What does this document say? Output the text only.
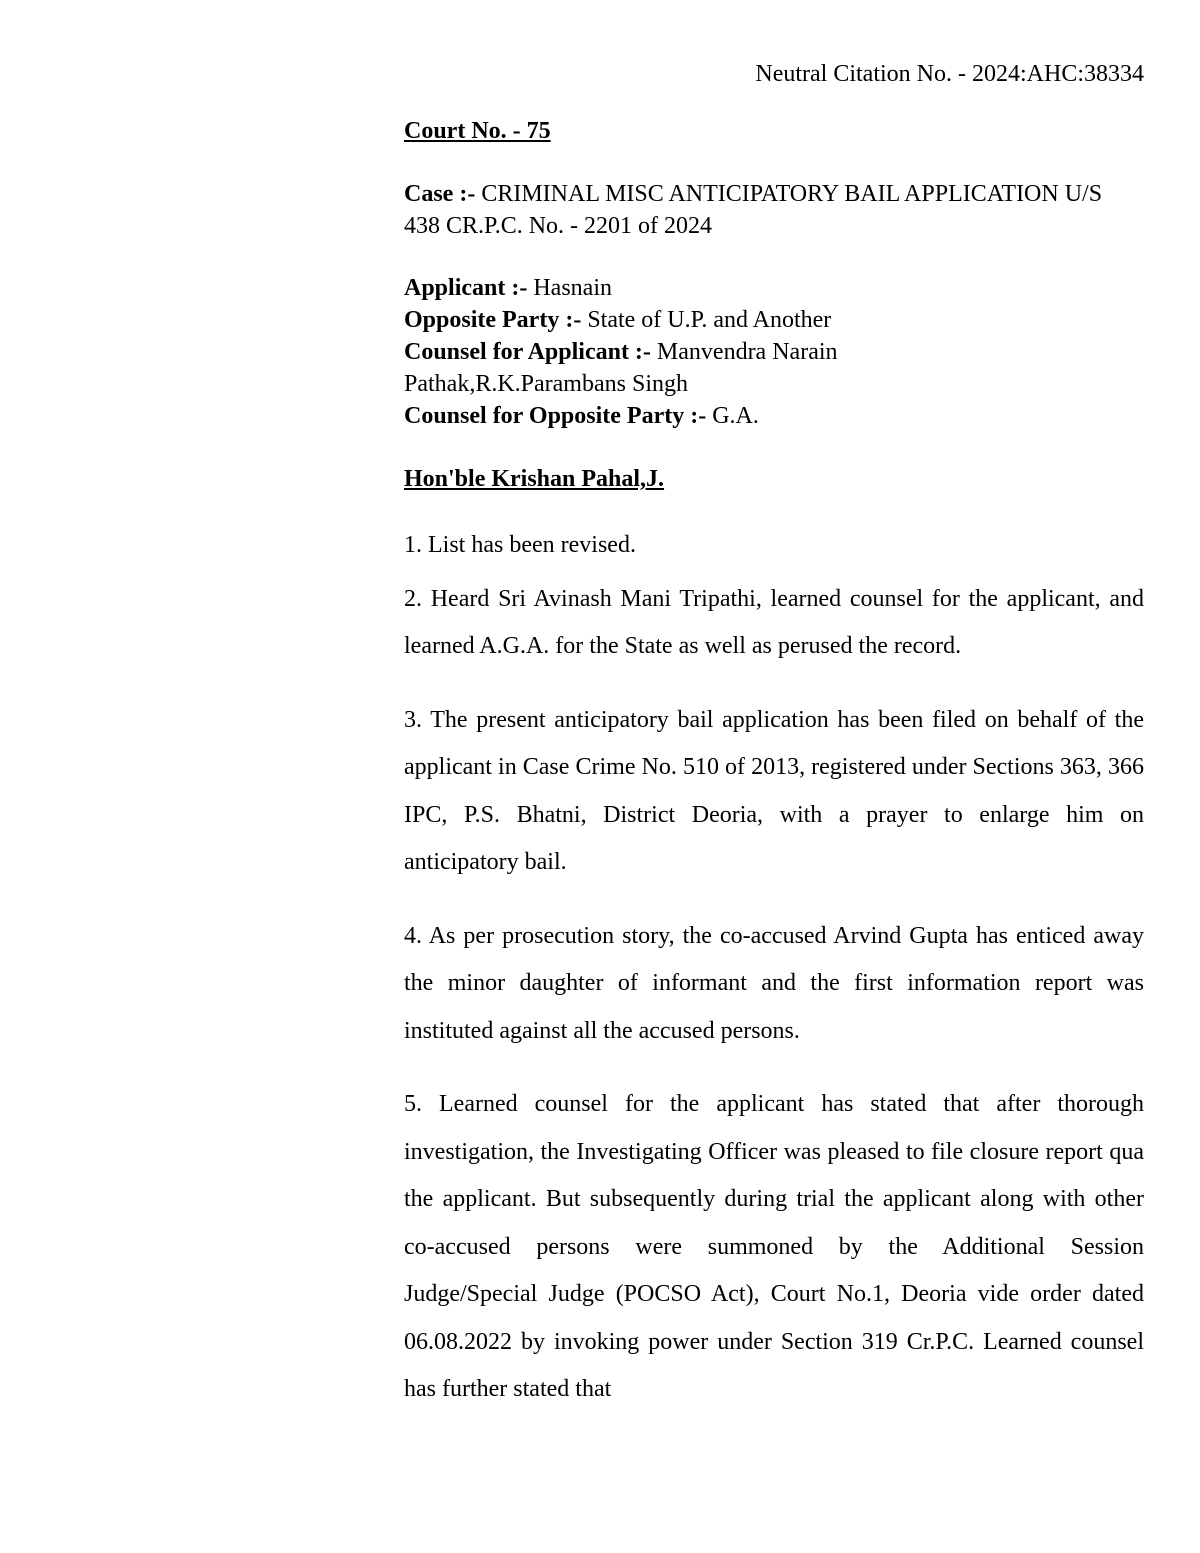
Neutral Citation No. - 2024:AHC:38334

Court No. - 75

Case :- CRIMINAL MISC ANTICIPATORY BAIL APPLICATION U/S 438 CR.P.C. No. - 2201 of 2024

Applicant :- Hasnain
Opposite Party :- State of U.P. and Another
Counsel for Applicant :- Manvendra Narain Pathak,R.K.Parambans Singh
Counsel for Opposite Party :- G.A.

Hon'ble Krishan Pahal,J.

1. List has been revised.

2. Heard Sri Avinash Mani Tripathi, learned counsel for the applicant, and learned A.G.A. for the State as well as perused the record.

3. The present anticipatory bail application has been filed on behalf of the applicant in Case Crime No. 510 of 2013, registered under Sections 363, 366 IPC, P.S. Bhatni, District Deoria, with a prayer to enlarge him on anticipatory bail.

4. As per prosecution story, the co-accused Arvind Gupta has enticed away the minor daughter of informant and the first information report was instituted against all the accused persons.

5. Learned counsel for the applicant has stated that after thorough investigation, the Investigating Officer was pleased to file closure report qua the applicant. But subsequently during trial the applicant along with other co-accused persons were summoned by the Additional Session Judge/Special Judge (POCSO Act), Court No.1, Deoria vide order dated 06.08.2022 by invoking power under Section 319 Cr.P.C. Learned counsel has further stated that
